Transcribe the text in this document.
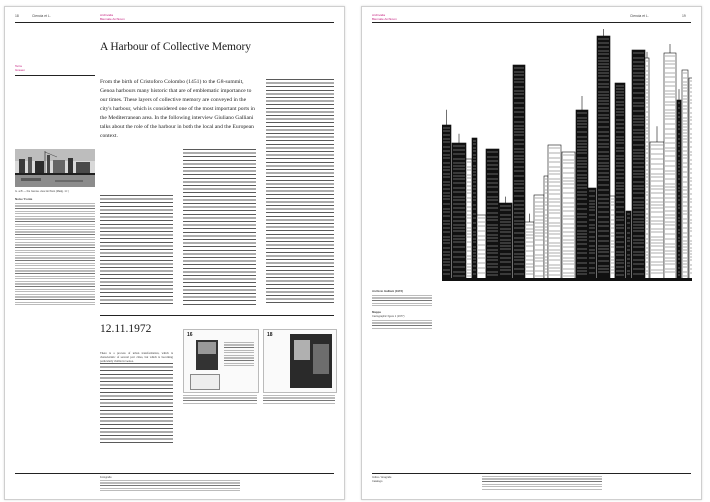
18	Ciencia et L.	Archivalia
Biennale Archivum
Terra
Grauen
A Harbour of Collective Memory
From the birth of Cristoforo Colombo (1451) to the G8-summit, Genoa harbours many historic that are of emblematic importance to our times. These layers of collective memory are conveyed in the city's harbour, which is considered one of the most important ports in the Mediterranean area. In the following interview Giuliano Galliani talks about the role of the harbour in both the local and the European context.
G. a.ffi — the Genoa. view Archivio (Mailg. 1.f.)
Nota / Fonte
12.11.1972
There is a process of urban transformation, which is characteristic of several port cities, but which is becoming particularly visible in Genoa.
16	18
Fotografie
Archivalia
Biennale Archivum
Ciencia et L.	19
Archivio Galliani (1972)
Mappa
Cartographic figure 1 (1977)
Indice / Anagrafe
Catalogo
